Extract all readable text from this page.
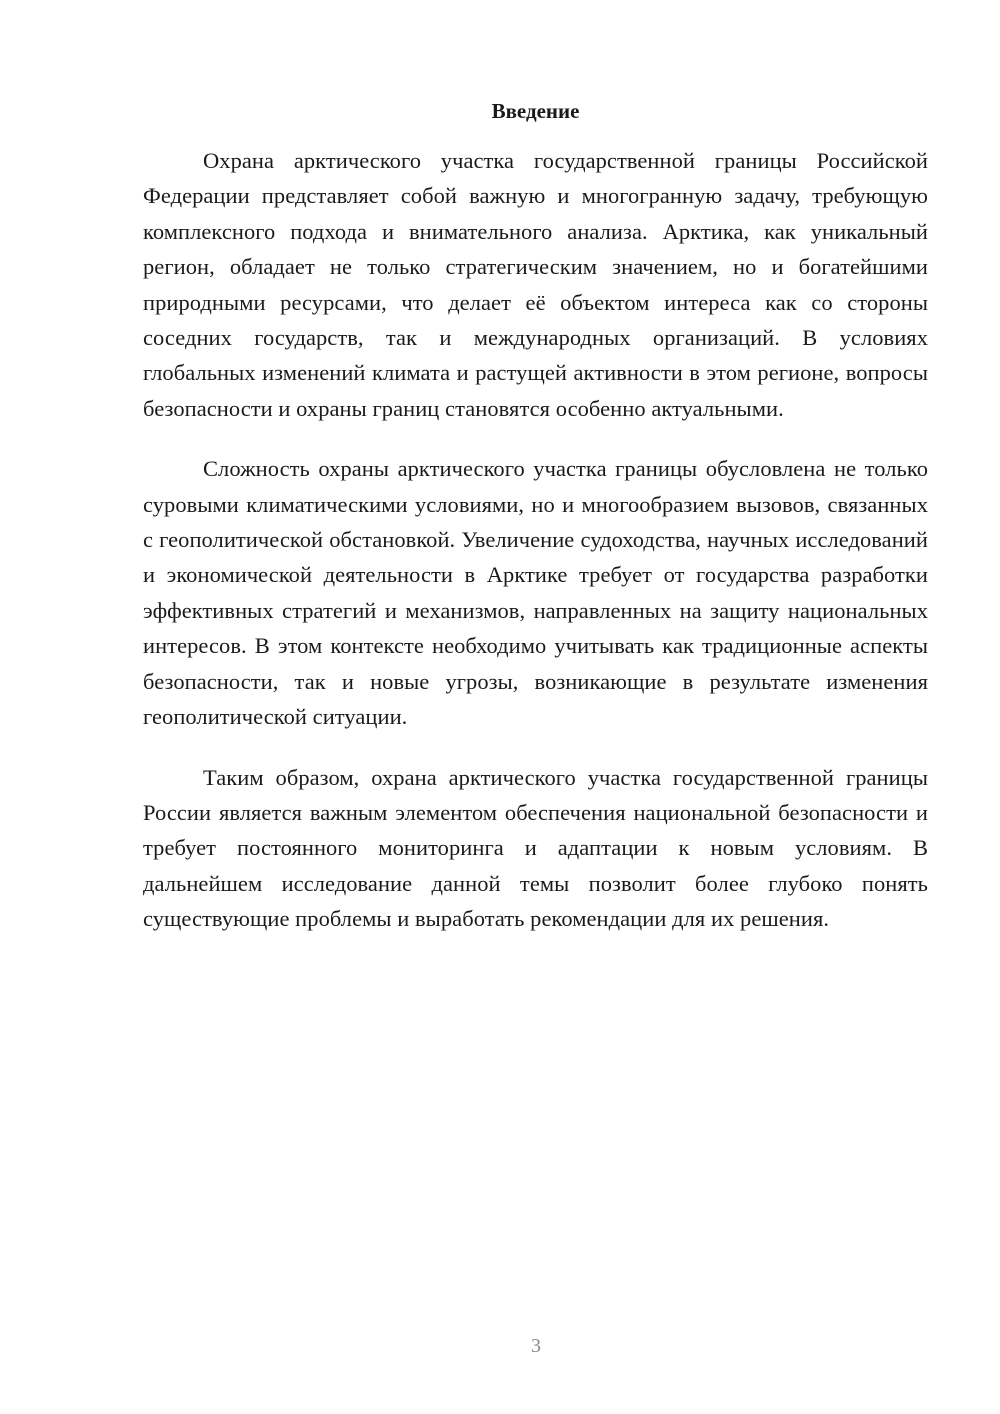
Введение

Охрана арктического участка государственной границы Российской Федерации представляет собой важную и многогранную задачу, требующую комплексного подхода и внимательного анализа. Арктика, как уникальный регион, обладает не только стратегическим значением, но и богатейшими природными ресурсами, что делает её объектом интереса как со стороны соседних государств, так и международных организаций. В условиях глобальных изменений климата и растущей активности в этом регионе, вопросы безопасности и охраны границ становятся особенно актуальными.

Сложность охраны арктического участка границы обусловлена не только суровыми климатическими условиями, но и многообразием вызовов, связанных с геополитической обстановкой. Увеличение судоходства, научных исследований и экономической деятельности в Арктике требует от государства разработки эффективных стратегий и механизмов, направленных на защиту национальных интересов. В этом контексте необходимо учитывать как традиционные аспекты безопасности, так и новые угрозы, возникающие в результате изменения геополитической ситуации.

Таким образом, охрана арктического участка государственной границы России является важным элементом обеспечения национальной безопасности и требует постоянного мониторинга и адаптации к новым условиям. В дальнейшем исследование данной темы позволит более глубоко понять существующие проблемы и выработать рекомендации для их решения.

3
